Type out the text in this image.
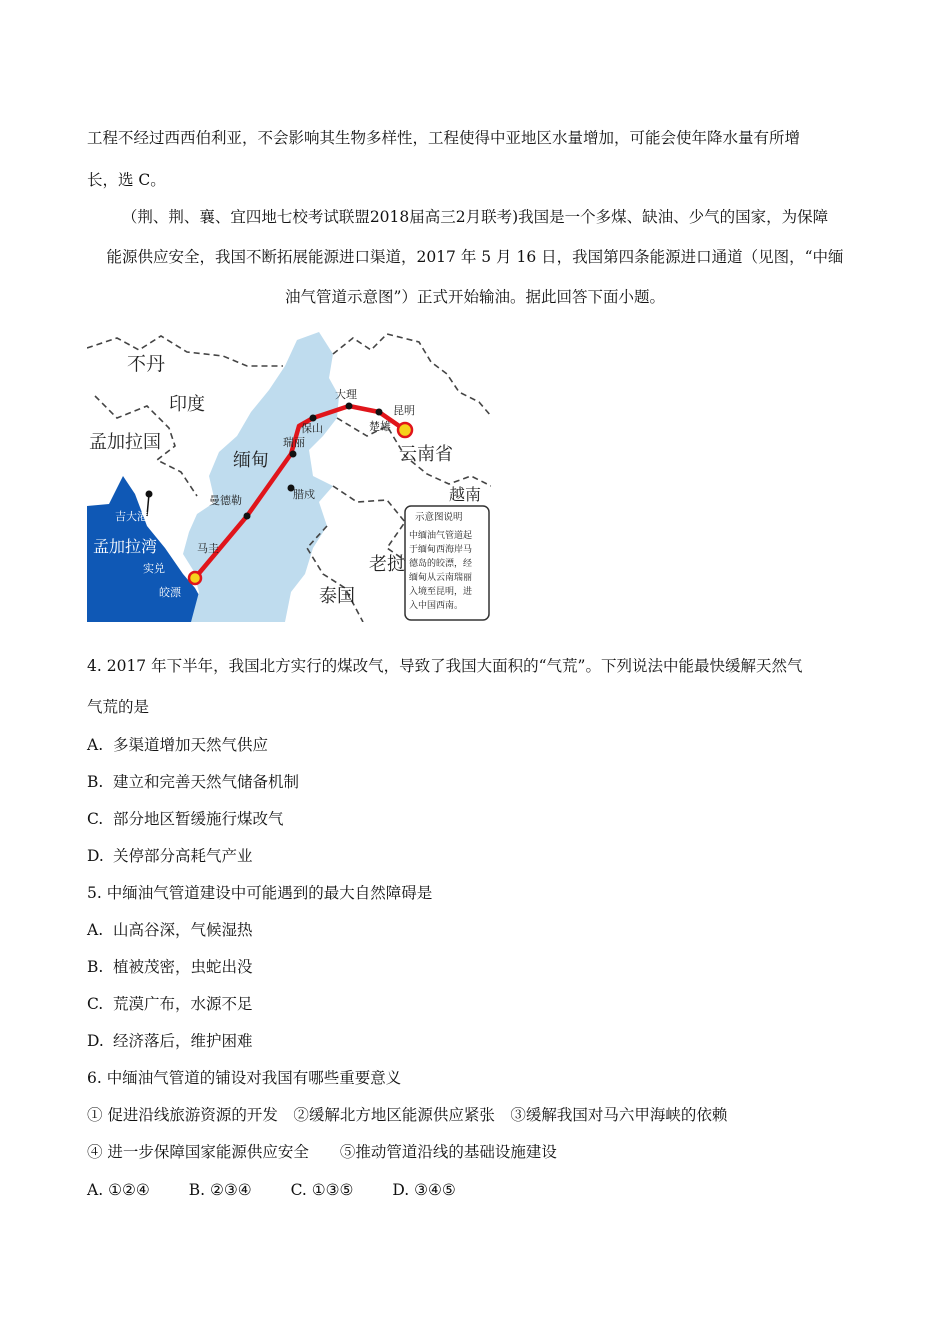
工程不经过西西伯利亚，不会影响其生物多样性，工程使得中亚地区水量增加，可能会使年降水量有所增
长，选 C。
（荆、荆、襄、宜四地七校考试联盟2018届高三2月联考)我国是一个多煤、缺油、少气的国家，为保障
能源供应安全，我国不断拓展能源进口渠道，2017 年 5 月 16 日，我国第四条能源进口通道（见图，“中缅
油气管道示意图”）正式开始输油。据此回答下面小题。
不丹
印度
孟加拉国
缅甸	云南省
越南
老挝
泰国
孟加拉湾
吉大港
实兑
皎漂
马圭
曼德勒	腊戍
瑞丽
保山
大理
楚雄
昆明
示意图说明
中缅油气管道起
于缅甸西海岸马
德岛的皎漂，经
缅甸从云南瑞丽
入境至昆明，进
入中国西南。
4. 2017 年下半年，我国北方实行的煤改气，导致了我国大面积的“气荒”。下列说法中能最快缓解天然气
气荒的是
A. 多渠道增加天然气供应
B. 建立和完善天然气储备机制
C. 部分地区暂缓施行煤改气
D. 关停部分高耗气产业
5. 中缅油气管道建设中可能遇到的最大自然障碍是
A. 山高谷深，气候湿热
B. 植被茂密，虫蛇出没
C. 荒漠广布，水源不足
D. 经济落后，维护困难
6. 中缅油气管道的铺设对我国有哪些重要意义
① 促进沿线旅游资源的开发　②缓解北方地区能源供应紧张　③缓解我国对马六甲海峡的依赖
④ 进一步保障国家能源供应安全　　⑤推动管道沿线的基础设施建设
A. ①②④	B. ②③④	C. ①③⑤	D. ③④⑤
